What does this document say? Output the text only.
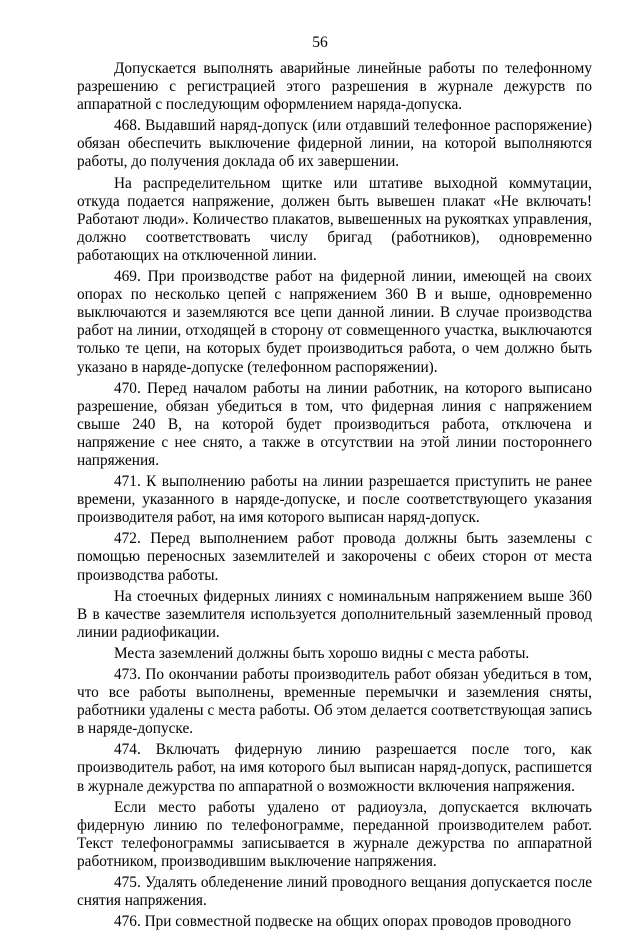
56

Допускается выполнять аварийные линейные работы по телефонному разрешению с регистрацией этого разрешения в журнале дежурств по аппаратной с последующим оформлением наряда-допуска.

468. Выдавший наряд-допуск (или отдавший телефонное распоряжение) обязан обеспечить выключение фидерной линии, на которой выполняются работы, до получения доклада об их завершении.

На распределительном щитке или штативе выходной коммутации, откуда подается напряжение, должен быть вывешен плакат «Не включать! Работают люди». Количество плакатов, вывешенных на рукоятках управления, должно соответствовать числу бригад (работников), одновременно работающих на отключенной линии.

469. При производстве работ на фидерной линии, имеющей на своих опорах по несколько цепей с напряжением 360 В и выше, одновременно выключаются и заземляются все цепи данной линии. В случае производства работ на линии, отходящей в сторону от совмещенного участка, выключаются только те цепи, на которых будет производиться работа, о чем должно быть указано в наряде-допуске (телефонном распоряжении).

470. Перед началом работы на линии работник, на которого выписано разрешение, обязан убедиться в том, что фидерная линия с напряжением свыше 240 В, на которой будет производиться работа, отключена и напряжение с нее снято, а также в отсутствии на этой линии постороннего напряжения.

471. К выполнению работы на линии разрешается приступить не ранее времени, указанного в наряде-допуске, и после соответствующего указания производителя работ, на имя которого выписан наряд-допуск.

472. Перед выполнением работ провода должны быть заземлены с помощью переносных заземлителей и закорочены с обеих сторон от места производства работы.

На стоечных фидерных линиях с номинальным напряжением выше 360 В в качестве заземлителя используется дополнительный заземленный провод линии радиофикации.

Места заземлений должны быть хорошо видны с места работы.

473. По окончании работы производитель работ обязан убедиться в том, что все работы выполнены, временные перемычки и заземления сняты, работники удалены с места работы. Об этом делается соответствующая запись в наряде-допуске.

474. Включать фидерную линию разрешается после того, как производитель работ, на имя которого был выписан наряд-допуск, распишется в журнале дежурства по аппаратной о возможности включения напряжения.

Если место работы удалено от радиоузла, допускается включать фидерную линию по телефонограмме, переданной производителем работ. Текст телефонограммы записывается в журнале дежурства по аппаратной работником, производившим выключение напряжения.

475. Удалять обледенение линий проводного вещания допускается после снятия напряжения.

476. При совместной подвеске на общих опорах проводов проводного
